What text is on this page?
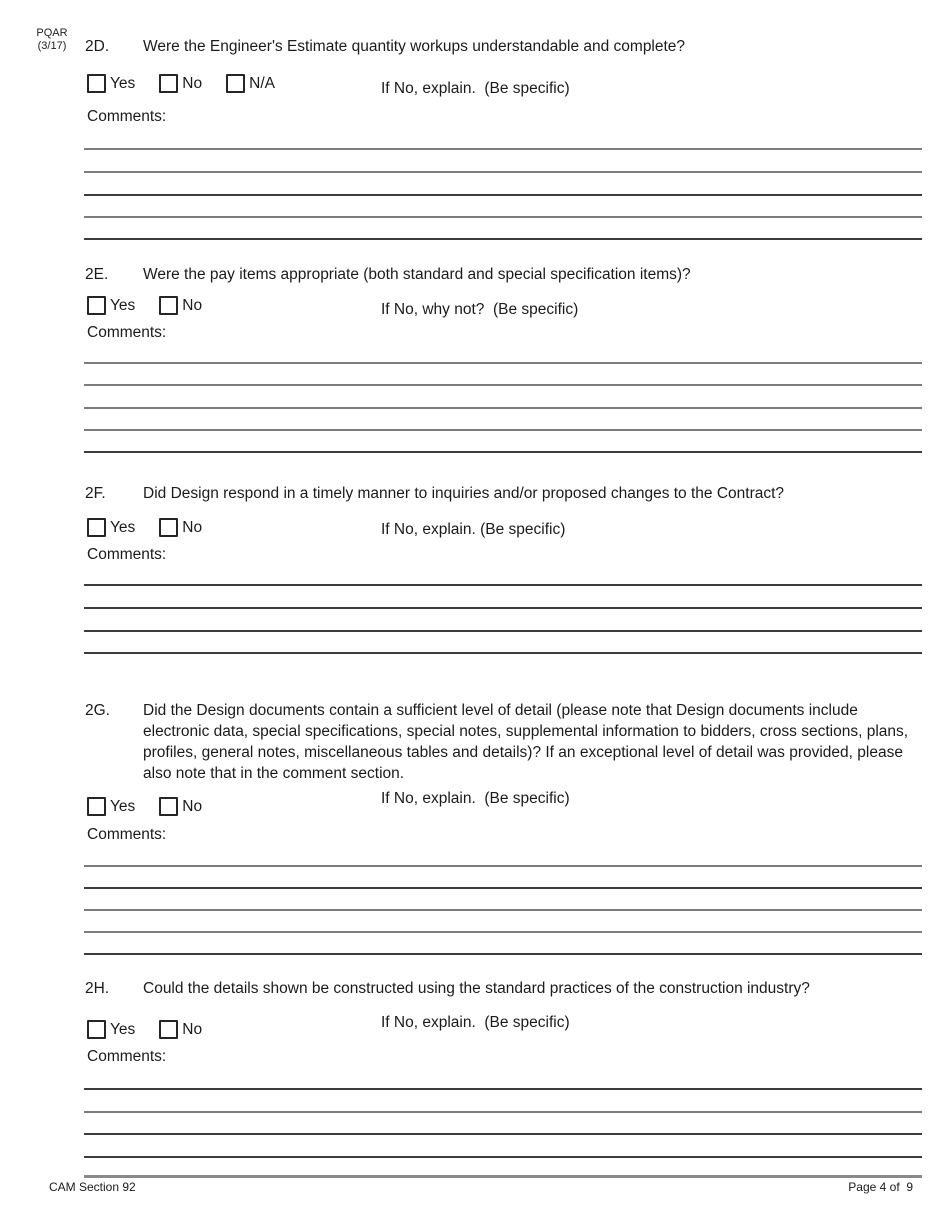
PQAR
(3/17)	2D.	Were the Engineer's Estimate quantity workups understandable and complete?
Yes	No	N/A	If No, explain.  (Be specific)
Comments:
2E.	Were the pay items appropriate (both standard and special specification items)?
Yes	No	If No, why not?  (Be specific)
Comments:
2F.	Did Design respond in a timely manner to inquiries and/or proposed changes to the Contract?
Yes	No	If No, explain. (Be specific)
Comments:
2G.	Did the Design documents contain a sufficient level of detail (please note that Design documents include electronic data, special specifications, special notes, supplemental information to bidders, cross sections, plans, profiles, general notes, miscellaneous tables and details)? If an exceptional level of detail was provided, please also note that in the comment section.
Yes	No	If No, explain.  (Be specific)
Comments:
2H.	Could the details shown be constructed using the standard practices of the construction industry?
Yes	No	If No, explain.  (Be specific)
Comments:
CAM Section 92	Page 4 of  9
